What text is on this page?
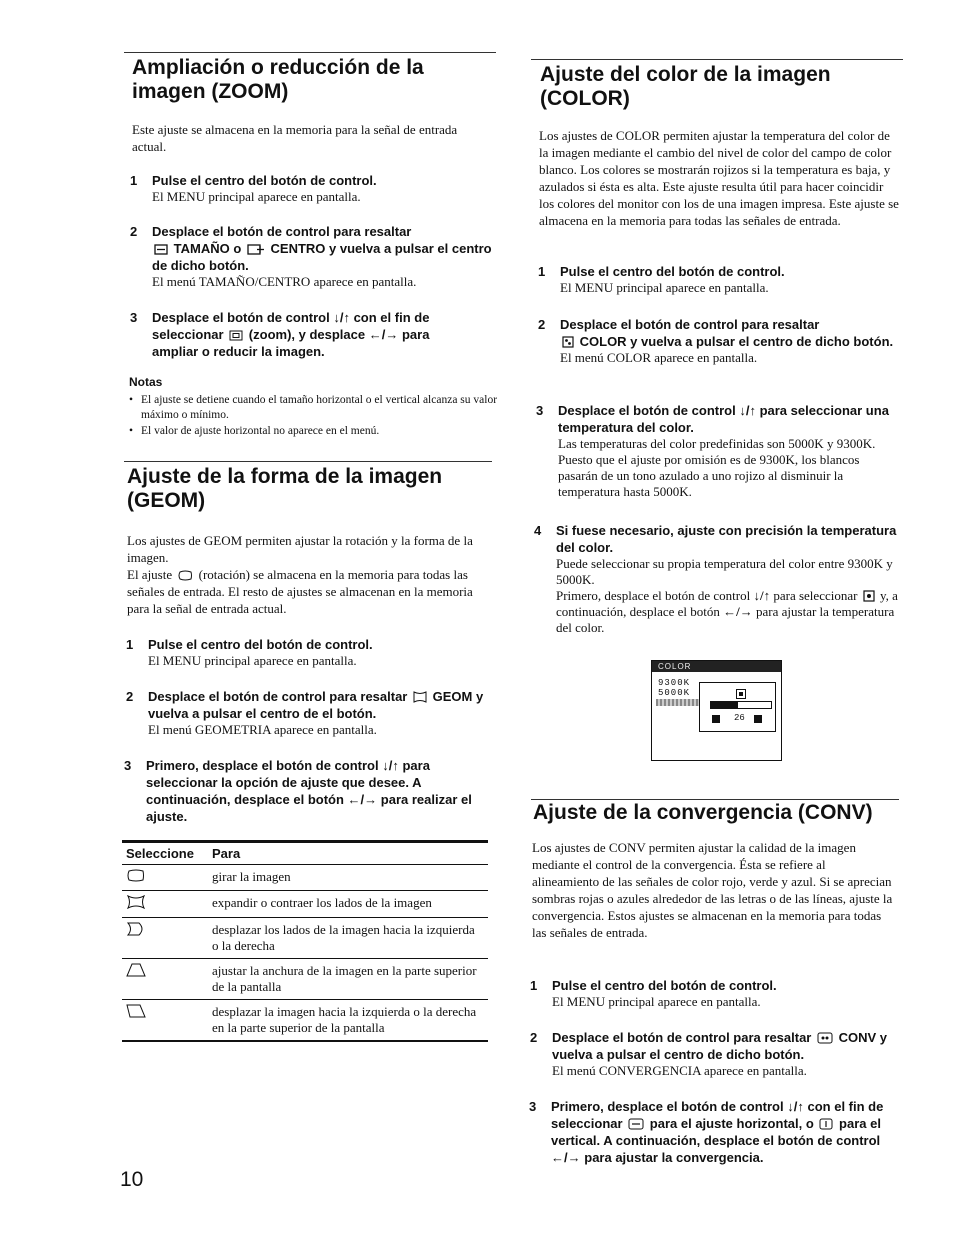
Ampliación o reducción de la imagen (ZOOM)

Este ajuste se almacena en la memoria para la señal de entrada actual.

1 Pulse el centro del botón de control.
El MENU principal aparece en pantalla.
2 Desplace el botón de control para resaltar
TAMAÑO o CENTRO y vuelva a pulsar el centro de dicho botón.
El menú TAMAÑO/CENTRO aparece en pantalla.
3 Desplace el botón de control ↓/↑ con el fin de seleccionar (zoom), y desplace ←/→ para ampliar o reducir la imagen.
Notas
• El ajuste se detiene cuando el tamaño horizontal o el vertical alcanza su valor máximo o mínimo.
• El valor de ajuste horizontal no aparece en el menú.
Ajuste de la forma de la imagen (GEOM)

Los ajustes de GEOM permiten ajustar la rotación y la forma de la imagen.

El ajuste (rotación) se almacena en la memoria para todas las señales de entrada. El resto de ajustes se almacenan en la memoria para la señal de entrada actual.

1 Pulse el centro del botón de control.
El MENU principal aparece en pantalla.
2 Desplace el botón de control para resaltar GEOM y vuelva a pulsar el centro de el botón.
El menú GEOMETRIA aparece en pantalla.
3 Primero, desplace el botón de control ↓/↑ para seleccionar la opción de ajuste que desee. A continuación, desplace el botón ←/→ para realizar el ajuste.
Seleccione	Para
	girar la imagen
	expandir o contraer los lados de la imagen
	desplazar los lados de la imagen hacia la izquierda o la derecha
	ajustar la anchura de la imagen en la parte superior de la pantalla
	desplazar la imagen hacia la izquierda o la derecha en la parte superior de la pantalla
10
Ajuste del color de la imagen (COLOR)

Los ajustes de COLOR permiten ajustar la temperatura del color de la imagen mediante el cambio del nivel de color del campo de color blanco. Los colores se mostrarán rojizos si la temperatura es baja, y azulados si ésta es alta. Este ajuste resulta útil para hacer coincidir los colores del monitor con los de una imagen impresa. Este ajuste se almacena en la memoria para todas las señales de entrada.

1 Pulse el centro del botón de control.
El MENU principal aparece en pantalla.
2 Desplace el botón de control para resaltar
COLOR y vuelva a pulsar el centro de dicho botón.
El menú COLOR aparece en pantalla.
3 Desplace el botón de control ↓/↑ para seleccionar una temperatura del color.
Las temperaturas del color predefinidas son 5000K y 9300K. Puesto que el ajuste por omisión es de 9300K, los blancos pasarán de un tono azulado a uno rojizo al disminuir la temperatura hasta 5000K.
4 Si fuese necesario, ajuste con precisión la temperatura del color.
Puede seleccionar su propia temperatura del color entre 9300K y 5000K.
Primero, desplace el botón de control ↓/↑ para seleccionar y, a continuación, desplace el botón ←/→ para ajustar la temperatura del color.
COLOR
9300K
5000K
26
Ajuste de la convergencia (CONV)

Los ajustes de CONV permiten ajustar la calidad de la imagen mediante el control de la convergencia. Ésta se refiere al alineamiento de las señales de color rojo, verde y azul. Si se aprecian sombras rojas o azules alrededor de las letras o de las líneas, ajuste la convergencia. Estos ajustes se almacenan en la memoria para todas las señales de entrada.

1 Pulse el centro del botón de control.
El MENU principal aparece en pantalla.
2 Desplace el botón de control para resaltar CONV y vuelva a pulsar el centro de dicho botón.
El menú CONVERGENCIA aparece en pantalla.
3 Primero, desplace el botón de control ↓/↑ con el fin de seleccionar para el ajuste horizontal, o para el vertical. A continuación, desplace el botón de control ←/→ para ajustar la convergencia.
